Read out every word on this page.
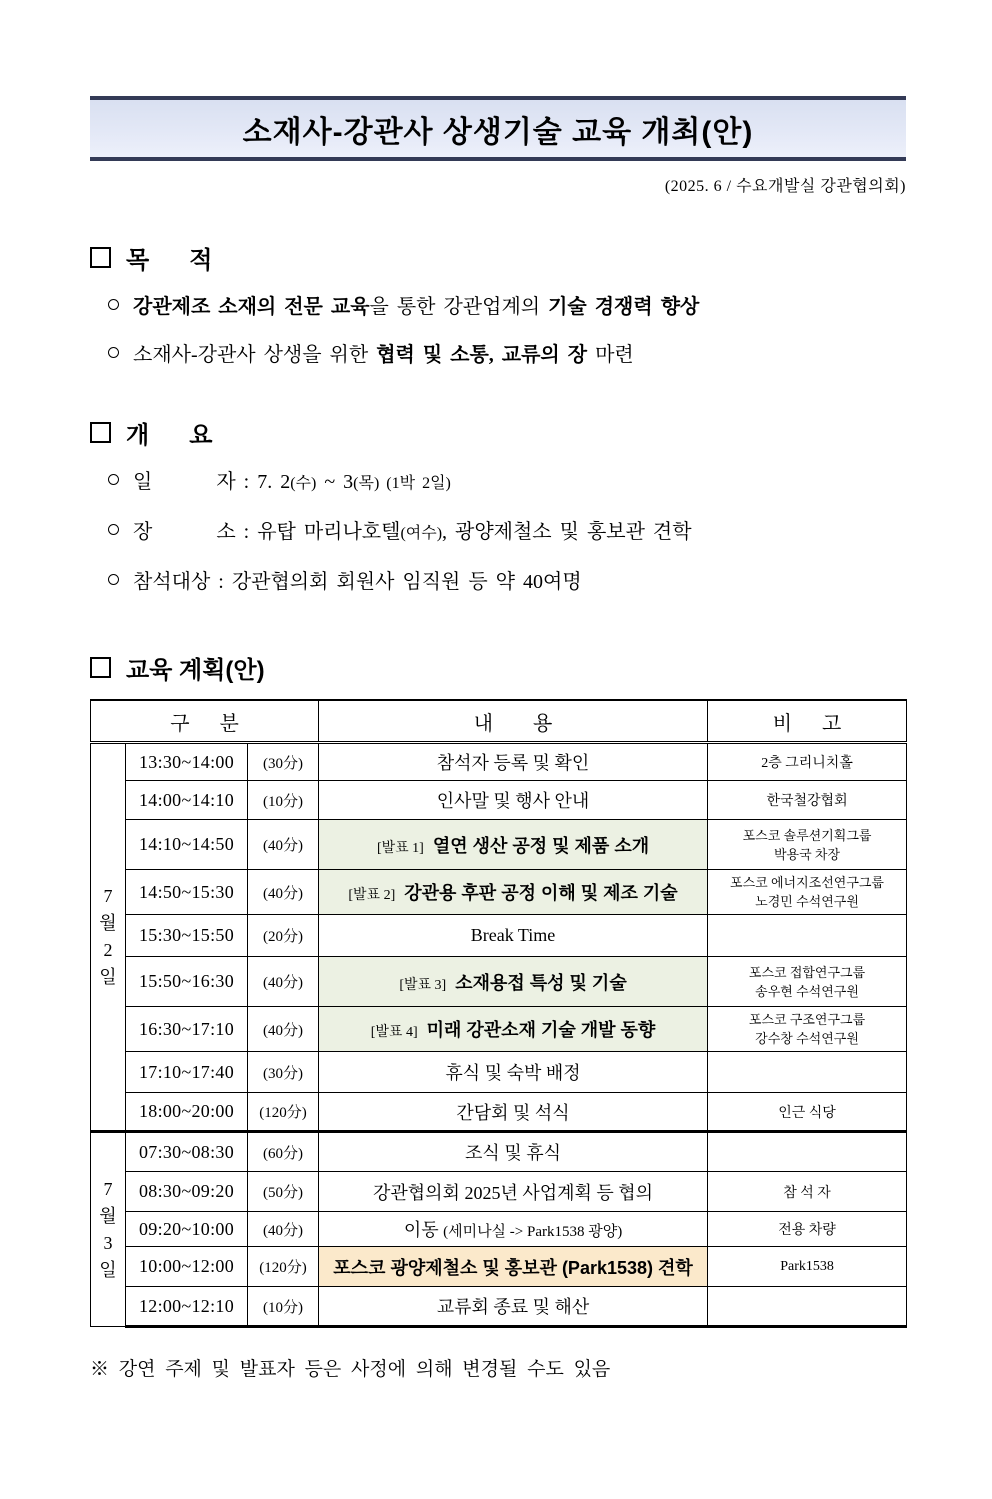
소재사-강관사 상생기술 교육 개최(안)
(2025. 6 / 수요개발실 강관협의회)
목      적
강관제조 소재의 전문 교육을 통한 강관업계의 기술 경쟁력 향상
소재사-강관사 상생을 위한 협력 및 소통, 교류의 장 마련
개      요
일        자 : 7. 2(수) ~ 3(목) (1박 2일)
장        소 : 유탑 마리나호텔(여수), 광양제철소 및 홍보관 견학
참석대상 : 강관협의회 회원사 임직원 등 약 40여명
교육 계획(안)
구      분			내        용	비      고

7
월
2
일	13:30~14:00	(30分)	참석자 등록 및 확인	2층 그리니치홀
	14:00~14:10	(10分)	인사말 및 행사 안내	한국철강협회
	14:10~14:50	(40分)	[발표 1] 열연 생산 공정 및 제품 소개	포스코 솔루션기획그룹
박용국 차장

	14:50~15:30	(40分)	[발표 2] 강관용 후판 공정 이해 및 제조 기술	포스코 에너지조선연구그룹
노경민 수석연구원

	15:30~15:50	(20分)	Break Time	
	15:50~16:30	(40分)	[발표 3] 소재용접 특성 및 기술	포스코 접합연구그룹
송우현 수석연구원

	16:30~17:10	(40分)	[발표 4] 미래 강관소재 기술 개발 동향	포스코 구조연구그룹
강수창 수석연구원

	17:10~17:40	(30分)	휴식 및 숙박 배정	
	18:00~20:00	(120分)	간담회 및 석식	인근 식당

7
월
3
일	07:30~08:30	(60分)	조식 및 휴식	
	08:30~09:20	(50分)	강관협의회 2025년 사업계획 등 협의	참 석 자
	09:20~10:00	(40分)	이동 (세미나실 -> Park1538 광양)	전용 차량
	10:00~12:00	(120分)	포스코 광양제철소 및 홍보관 (Park1538) 견학	Park1538
	12:00~12:10	(10分)	교류회 종료 및 해산	
※ 강연 주제 및 발표자 등은 사정에 의해 변경될 수도 있음
